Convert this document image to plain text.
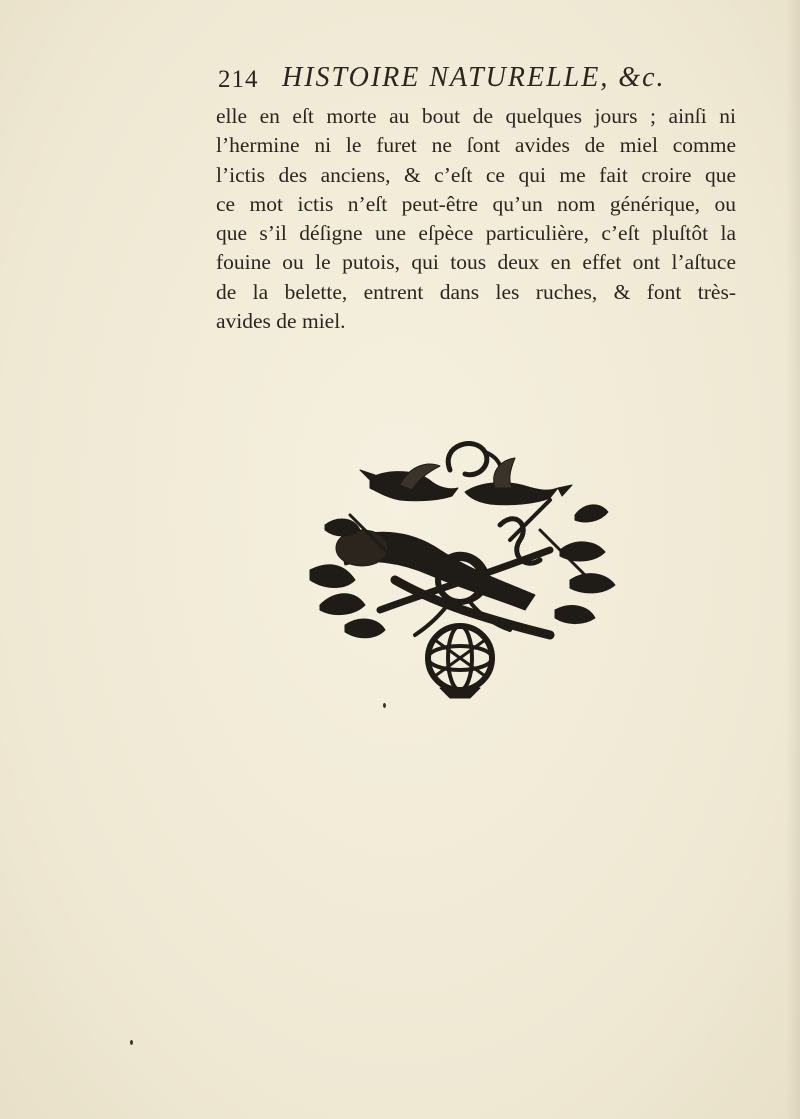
214 HISTOIRE NATURELLE, &c.
elle en eſt morte au bout de quelques jours ; ainſi ni
l’hermine ni le furet ne ſont avides de miel comme
l’ictis des anciens, & c’eſt ce qui me fait croire que
ce mot ictis n’eſt peut-être qu’un nom générique, ou
que s’il déſigne une eſpèce particulière, c’eſt pluſtôt la
fouine ou le putois, qui tous deux en effet ont l’aſtuce
de la belette, entrent dans les ruches, & font très-
avides de miel.
